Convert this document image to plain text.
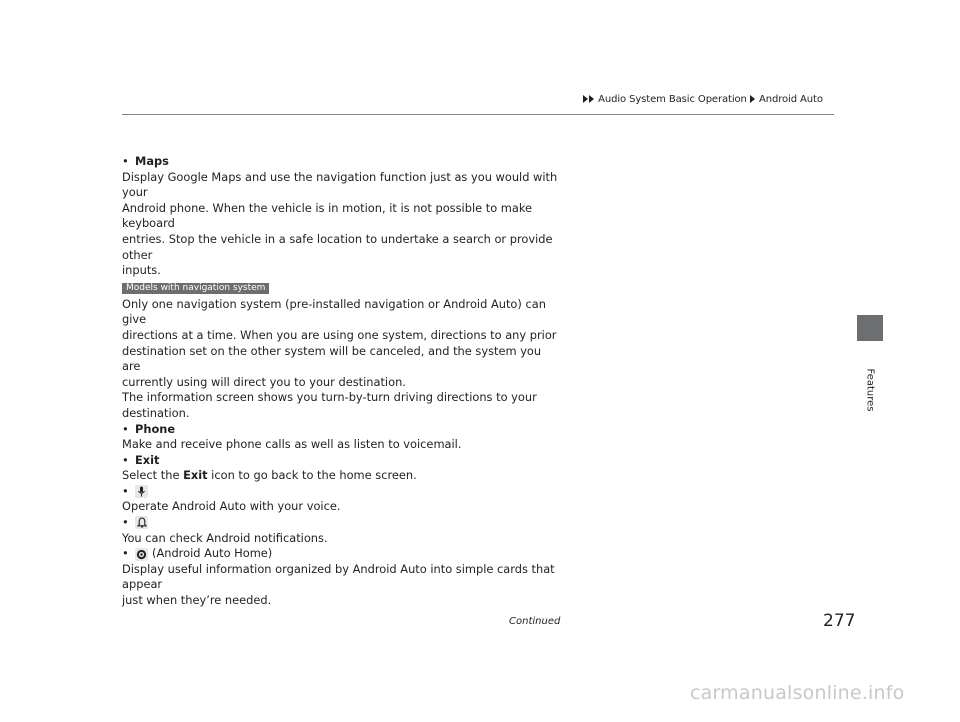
Audio System Basic Operation Android Auto
Features
• Maps

Display Google Maps and use the navigation function just as you would with your

Android phone. When the vehicle is in motion, it is not possible to make keyboard

entries. Stop the vehicle in a safe location to undertake a search or provide other

inputs.

Models with navigation system

Only one navigation system (pre-installed navigation or Android Auto) can give

directions at a time. When you are using one system, directions to any prior

destination set on the other system will be canceled, and the system you are

currently using will direct you to your destination.

The information screen shows you turn-by-turn driving directions to your

destination.

• Phone

Make and receive phone calls as well as listen to voicemail.

• Exit

Select the Exit icon to go back to the home screen.

•

Operate Android Auto with your voice.

•

You can check Android notifications.

•	(Android Auto Home)

Display useful information organized by Android Auto into simple cards that appear

just when they’re needed.

Continued	277
carmanualsonline.info
